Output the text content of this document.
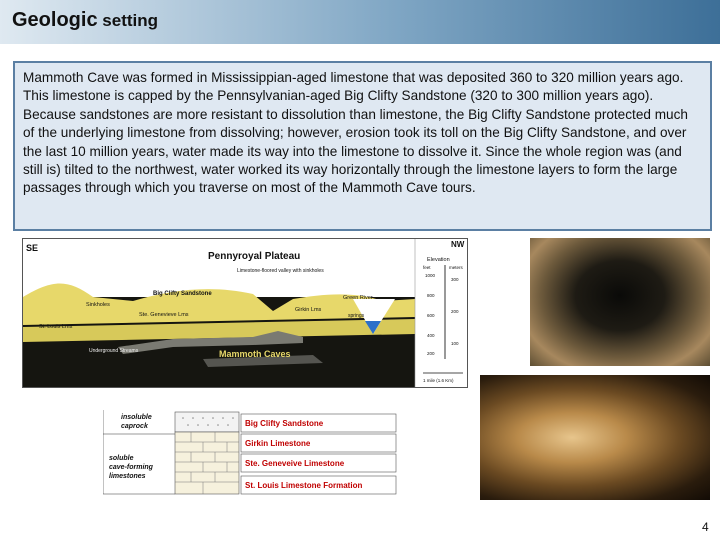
Geologic setting

Mammoth Cave was formed in Mississippian-aged limestone that was deposited 360 to 320 million years ago. This limestone is capped by the Pennsylvanian-aged Big Clifty Sandstone (320 to 300 million years ago). Because sandstones are more resistant to dissolution than limestone, the Big Clifty Sandstone protected much of the underlying limestone from dissolving; however, erosion took its toll on the Big Clifty Sandstone, and over the last 10 million years, water made its way into the limestone to dissolve it. Since the whole region was (and still is) tilted to the northwest, water worked its way horizontally through the limestone layers to form the large passages through which you traverse on most of the Mammoth Cave tours.

SE	NW
Pennyroyal Plateau
Limestone-floored valley with sinkholes
Big Clifty Sandstone
Sinkholes
Ste. Genevieve Lms
Girkin Lms
Green River
springs
St. Louis Lms
Underground Streams	Mammoth Caves
Elevation
feet	meters
1000
800
600
400
200
300
200
100
1 mile (1.6 Km)
insoluble
caprock
soluble
cave-forming
limestones
Big Clifty Sandstone
Girkin Limestone
Ste. Geneveive Limestone
St. Louis Limestone Formation
4
